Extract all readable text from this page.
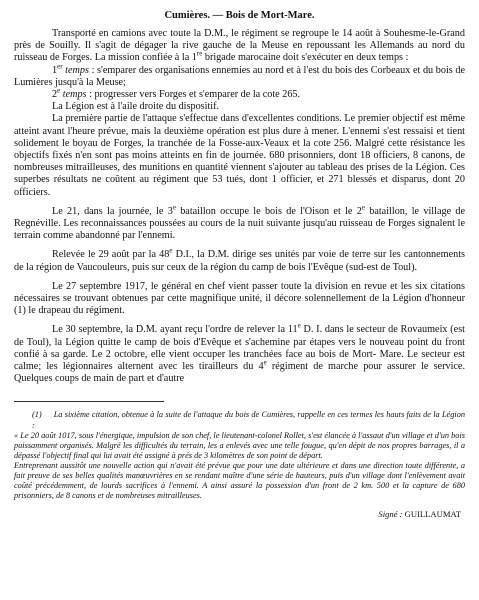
Cumières. — Bois de Mort-Mare.

Transporté en camions avec toute la D.M., le régiment se regroupe le 14 août à Souhesme-le-Grand près de Souilly. Il s'agit de dégager la rive gauche de la Meuse en repoussant les Allemands au nord du ruisseau de Forges. La mission confiée à la 1re brigade marocaine doit s'exécuter en deux temps :

1er temps : s'emparer des organisations ennemies au nord et à l'est du bois des Corbeaux et du bois de Lumières jusqu'à la Meuse;

2e temps : progresser vers Forges et s'emparer de la cote 265.

La Légion est à l'aile droite du dispositif.

La première partie de l'attaque s'effectue dans d'excellentes conditions. Le premier objectif est même atteint avant l'heure prévue, mais la deuxième opération est plus dure à mener. L'ennemi s'est ressaisi et tient solidement le boyau de Forges, la tranchée de la Fosse-aux-Veaux et la cote 256. Malgré cette résistance les objectifs fixés n'en sont pas moins atteints en fin de journée. 680 prisonniers, dont 18 officiers, 8 canons, de nombreuses mitrailleuses, des munitions en quantité viennent s'ajouter au tableau des prises de la Légion. Ces superbes résultats ne coûtent au régiment que 53 tués, dont 1 officier, et 271 blessés et disparus, dont 20 officiers.

Le 21, dans la journée, le 3e bataillon occupe le bois de l'Oison et le 2e bataillon, le village de Regnéville. Les reconnaissances poussées au cours de la nuit suivante jusqu'au ruisseau de Forges signalent le terrain comme abandonné par l'ennemi.

Relevée le 29 août par la 48e D.I., la D.M. dirige ses unités par voie de terre sur les cantonnements de la région de Vaucouleurs, puis sur ceux de la région du camp de bois l'Evêque (sud-est de Toul).

Le 27 septembre 1917, le général en chef vient passer toute la division en revue et les six citations nécessaires se trouvant obtenues par cette magnifique unité, il décore solennellement de la Légion d'honneur (1) le drapeau du régiment.

Le 30 septembre, la D.M. ayant reçu l'ordre de relever la 11e D. I. dans le secteur de Rovaumeix (est de Toul), la Légion quitte le camp de bois d'Evêque et s'achemine par étapes vers le nouveau point du front confié à sa garde. Le 2 octobre, elle vient occuper les tranchées face au bois de Mort- Mare. Le secteur est calme; les légionnaires alternent avec les tirailleurs du 4e régiment de marche pour assurer le service. Quelques coups de main de part et d'autre

(1) La sixième citation, obtenue à la suite de l'attaque du bois de Cumières, rappelle en ces termes les hauts faits de la Légion :

« Le 20 août 1017, sous l'énergique, impulsion de son chef, le lieutenant-colonel Rollet, s'est élancée à l'assaut d'un village et d'un bois puissamment organisés. Malgré les difficultés du terrain, les a enlevés avec une telle fougue, qu'en dépit de nos propres barrages, il a dépassé l'objectif final qui lui avait été assigné à prés de 3 kilomètres de son point de départ.

Entreprenant aussitôt une nouvelle action qui n'avait été prévue que pour une date ultérieure et dans une direction toute différente, a fait preuve de ses belles qualités manœuvrières en se rendant maître d'une série de hauteurs, puis d'un village dont l'enlèvement avait coûté précédemment, de lourds sacrifices à l'ennemi. A ainsi assuré la possession d'un front de 2 km. 500 et la capture de 680 prisonniers, de 8 canons et de nombreuses mitrailleuses.

Signé : GUILLAUMAT
